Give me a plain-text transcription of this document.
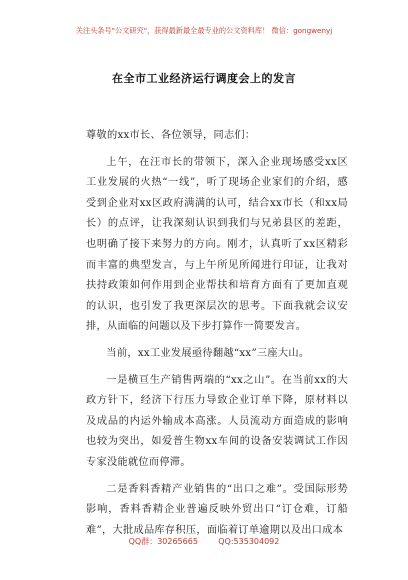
关注头条号"公文研究"，获得最新最全最专业的公文资料库！ 微信：gongwenyj
在全市工业经济运行调度会上的发言

尊敬的xx市长、各位领导，同志们：

上午，在汪市长的带领下，深入企业现场感受xx区工业发展的火热“一线”，听了现场企业家们的介绍，感受到企业对xx区政府满满的认可，结合xx市长（和xx局长）的点评，让我深刻认识到我们与兄弟县区的差距，也明确了接下来努力的方向。刚才，认真听了xx区精彩而丰富的典型发言，与上午所见所闻进行印证，让我对扶持政策如何作用到企业帮扶和培育方面有了更加直观的认识，也引发了我更深层次的思考。下面我就会议安排，从面临的问题以及下步打算作一简要发言。

当前，xx工业发展亟待翻越“xx”三座大山。

一是横亘生产销售两端的“xx之山”。在当前xx的大政方针下，经济下行压力导致企业订单下降，原材料以及成品的内运外输成本高涨。人员流动方面造成的影响也较为突出，如爱普生物xx车间的设备安装调试工作因专家没能就位而停滞。

二是香料香精产业销售的“出口之难”。受国际形势影响，香料香精企业普遍反映外贸出口“订仓难，订船难”，大批成品库存积压，面临着订单逾期以及出口成本

QQ群：30265665        QQ:535304092
